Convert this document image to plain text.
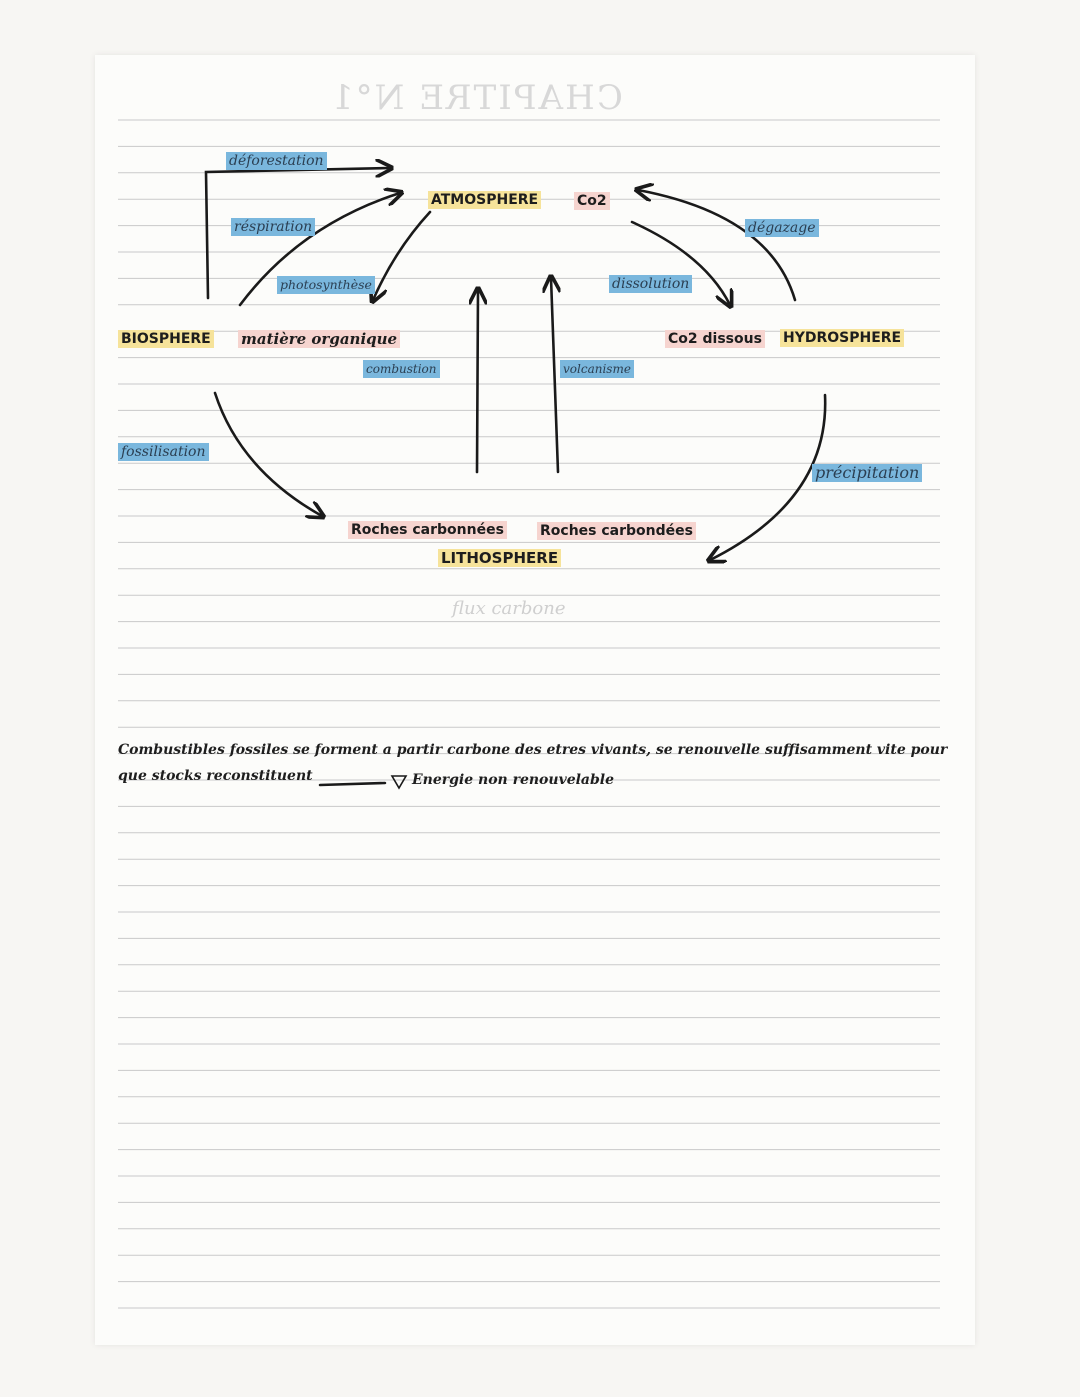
CHAPITRE N°1
déforestation
réspiration
photosynthèse
ATMOSPHERE	Co2
dégazage
dissolution
BIOSPHERE matière organique
combustion	volcanisme
Co2 dissous HYDROSPHERE
fossilisation
précipitation
Roches carbonnées	Roches carbondées
LITHOSPHERE
flux carbone
Combustibles fossiles se forment a partir carbone des etres vivants, se renouvelle suffisamment vite pour
que stocks reconstituent	Energie non renouvelable
